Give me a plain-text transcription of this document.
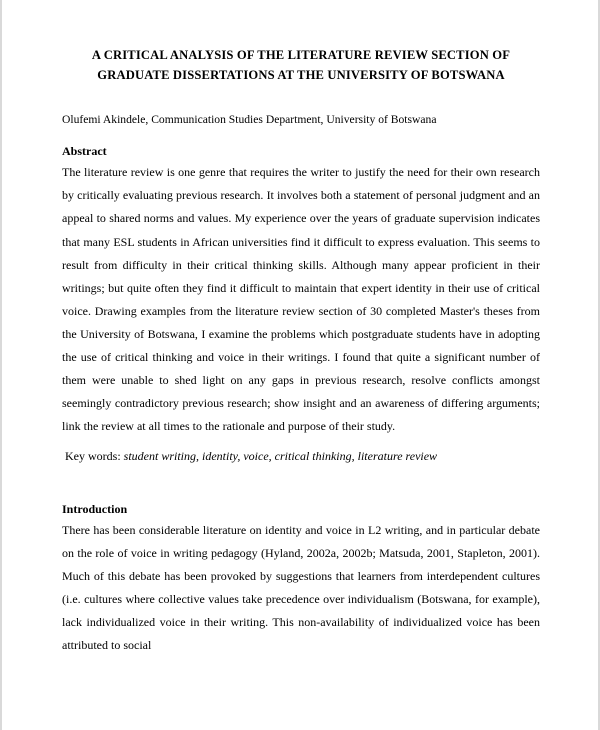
A CRITICAL ANALYSIS OF THE LITERATURE REVIEW SECTION OF
GRADUATE DISSERTATIONS AT THE UNIVERSITY OF BOTSWANA

Olufemi Akindele, Communication Studies Department, University of Botswana

Abstract

The literature review is one genre that requires the writer to justify the need for their own research by critically evaluating previous research. It involves both a statement of personal judgment and an appeal to shared norms and values. My experience over the years of graduate supervision indicates that many ESL students in African universities find it difficult to express evaluation. This seems to result from difficulty in their critical thinking skills. Although many appear proficient in their writings; but quite often they find it difficult to maintain that expert identity in their use of critical voice. Drawing examples from the literature review section of 30 completed Master's theses from the University of Botswana, I examine the problems which postgraduate students have in adopting the use of critical thinking and voice in their writings. I found that quite a significant number of them were unable to shed light on any gaps in previous research, resolve conflicts amongst seemingly contradictory previous research; show insight and an awareness of differing arguments; link the review at all times to the rationale and purpose of their study.

Key words: student writing, identity, voice, critical thinking, literature review

Introduction

There has been considerable literature on identity and voice in L2 writing, and in particular debate on the role of voice in writing pedagogy (Hyland, 2002a, 2002b; Matsuda, 2001, Stapleton, 2001). Much of this debate has been provoked by suggestions that learners from interdependent cultures (i.e. cultures where collective values take precedence over individualism (Botswana, for example), lack individualized voice in their writing. This non-availability of individualized voice has been attributed to social
